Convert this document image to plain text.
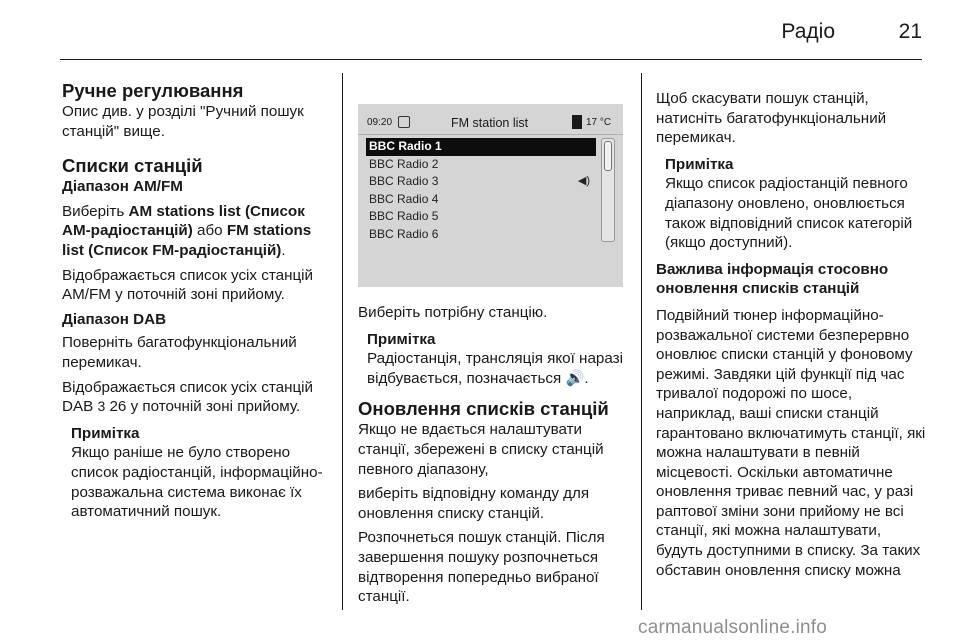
Радіо	21
Ручне регулювання

Опис див. у розділі "Ручний пошук станцій" вище.

Списки станцій
Діапазон AM/FM

Виберіть AM stations list (Список AM-радіостанцій) або FM stations list (Список FM-радіостанцій).

Відображається список усіх станцій AM/FM у поточній зоні прийому.

Діапазон DAB

Поверніть багатофункціональний перемикач.

Відображається список усіх станцій DAB 3 26 у поточній зоні прийому.

Примітка

Якщо раніше не було створено список радіостанцій, інформаційно-розважальна система виконає їх автоматичний пошук.

09:20	FM station list	17 °C
BBC Radio 1
BBC Radio 2
BBC Radio 3	◀)
BBC Radio 4
BBC Radio 5
BBC Radio 6

Виберіть потрібну станцію.

Примітка

Радіостанція, трансляція якої наразі відбувається, позначається 🔊.

Оновлення списків станцій

Якщо не вдається налаштувати станції, збережені в списку станцій певного діапазону,

виберіть відповідну команду для оновлення списку станцій.

Розпочнеться пошук станцій. Після завершення пошуку розпочнеться відтворення попередньо вибраної станції.

Щоб скасувати пошук станцій, натисніть багатофункціональний перемикач.

Примітка

Якщо список радіостанцій певного діапазону оновлено, оновлюється також відповідний список категорій (якщо доступний).

Важлива інформація стосовно оновлення списків станцій

Подвійний тюнер інформаційно-розважальної системи безперервно оновлює списки станцій у фоновому режимі. Завдяки цій функції під час тривалої подорожі по шосе, наприклад, ваші списки станцій гарантовано включатимуть станції, які можна налаштувати в певній місцевості. Оскільки автоматичне оновлення триває певний час, у разі раптової зміни зони прийому не всі станції, які можна налаштувати, будуть доступними в списку. За таких обставин оновлення списку можна

carmanualsonline.info
